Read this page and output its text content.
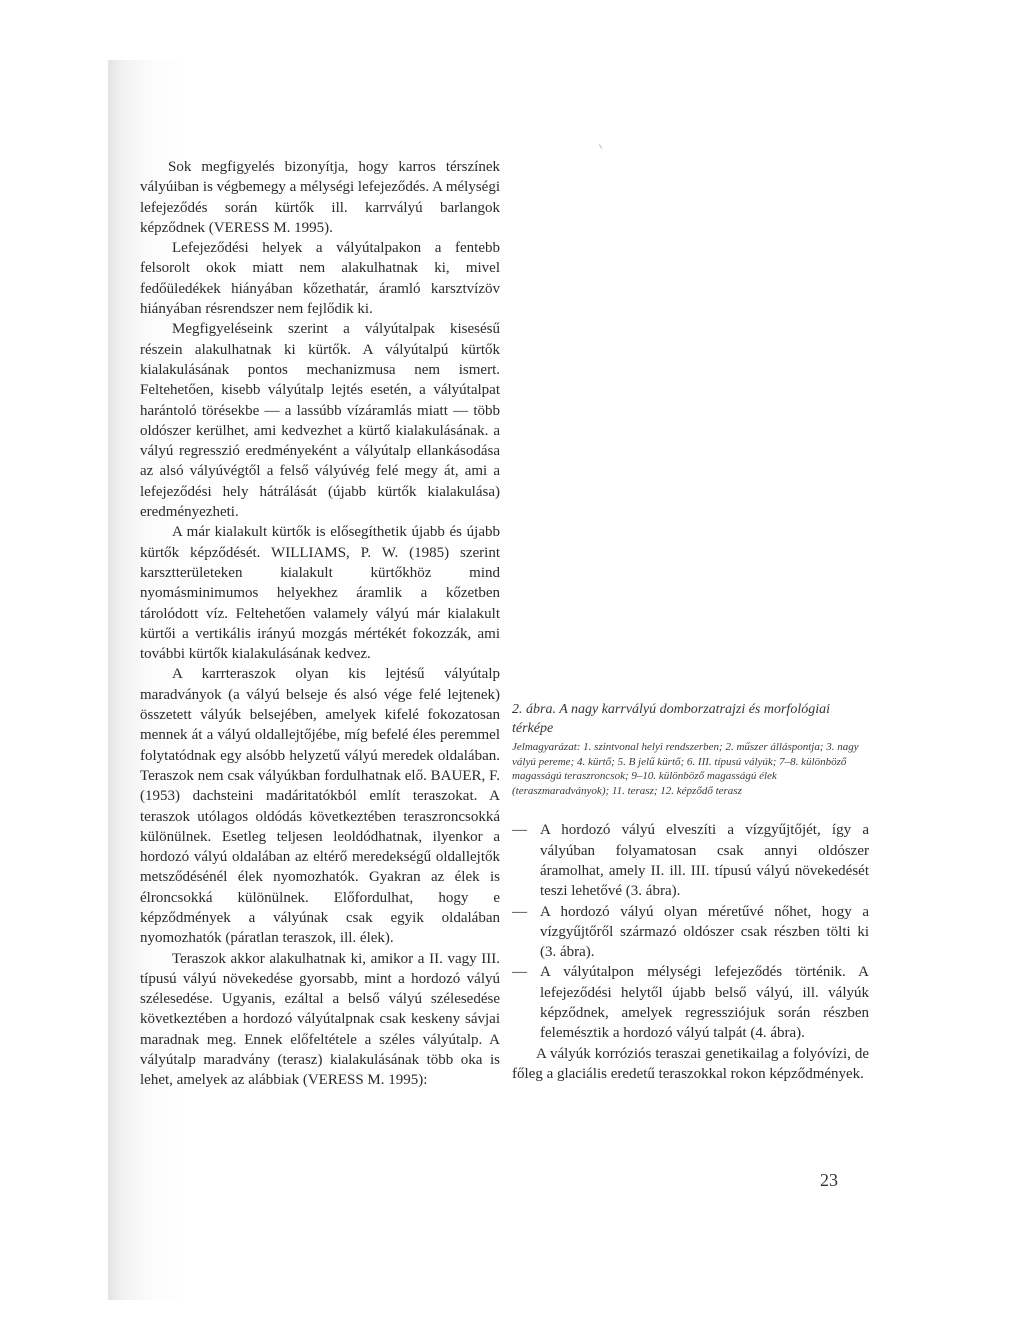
Sok megfigyelés bizonyítja, hogy karros térszínek vályúiban is végbemegy a mélységi lefejeződés. A mélységi lefejeződés során kürtők ill. karrvályú barlangok képződnek (VERESS M. 1995).

Lefejeződési helyek a vályútalpakon a fentebb felsorolt okok miatt nem alakulhatnak ki, mivel fedőüledékek hiányában kőzethatár, áramló karsztvízöv hiányában résrendszer nem fejlődik ki.

Megfigyeléseink szerint a vályútalpak kisesésű részein alakulhatnak ki kürtők. A vályútalpú kürtők kialakulásának pontos mechanizmusa nem ismert. Feltehetően, kisebb vályútalp lejtés esetén, a vályútalpat harántoló törésekbe — a lassúbb vízáramlás miatt — több oldószer kerülhet, ami kedvezhet a kürtő kialakulásának. a vályú regresszió eredményeként a vályútalp ellankásodása az alsó vályúvégtől a felső vályúvég felé megy át, ami a lefejeződési hely hátrálását (újabb kürtők kialakulása) eredményezheti.

A már kialakult kürtők is elősegíthetik újabb és újabb kürtők képződését. WILLIAMS, P. W. (1985) szerint karsztterületeken kialakult kürtőkhöz mind nyomásminimumos helyekhez áramlik a kőzetben tárolódott víz. Feltehetően valamely vályú már kialakult kürtői a vertikális irányú mozgás mértékét fokozzák, ami további kürtők kialakulásának kedvez.

A karrteraszok olyan kis lejtésű vályútalp maradványok (a vályú belseje és alsó vége felé lejtenek) összetett vályúk belsejében, amelyek kifelé fokozatosan mennek át a vályú oldallejtőjébe, míg befelé éles peremmel folytatódnak egy alsóbb helyzetű vályú meredek oldalában. Teraszok nem csak vályúkban fordulhatnak elő. BAUER, F. (1953) dachsteini madáritatókból említ teraszokat. A teraszok utólagos oldódás következtében teraszroncsokká különülnek. Esetleg teljesen leoldódhatnak, ilyenkor a hordozó vályú oldalában az eltérő meredekségű oldallejtők metsződésénél élek nyomozhatók. Gyakran az élek is élroncsokká különülnek. Előfordulhat, hogy e képződmények a vályúnak csak egyik oldalában nyomozhatók (páratlan teraszok, ill. élek).

Teraszok akkor alakulhatnak ki, amikor a II. vagy III. típusú vályú növekedése gyorsabb, mint a hordozó vályú szélesedése. Ugyanis, ezáltal a belső vályú szélesedése következtében a hordozó vályútalpnak csak keskeny sávjai maradnak meg. Ennek előfeltétele a széles vályútalp. A vályútalp maradvány (terasz) kialakulásának több oka is lehet, amelyek az alábbiak (VERESS M. 1995):

2. ábra. A nagy karrvályú domborzatrajzi és morfológiai térképe

Jelmagyarázat: 1. szintvonal helyi rendszerben; 2. műszer álláspontja; 3. nagy vályú pereme; 4. kürtő; 5. B jelű kürtő; 6. III. típusú vályúk; 7–8. különböző magasságú teraszroncsok; 9–10. különböző magasságú élek (teraszmaradványok); 11. terasz; 12. képződő terasz

— A hordozó vályú elveszíti a vízgyűjtőjét, így a vályúban folyamatosan csak annyi oldószer áramolhat, amely II. ill. III. típusú vályú növekedését teszi lehetővé (3. ábra).
— A hordozó vályú olyan méretűvé nőhet, hogy a vízgyűjtőről származó oldószer csak részben tölti ki (3. ábra).
— A vályútalpon mélységi lefejeződés történik. A lefejeződési helytől újabb belső vályú, ill. vályúk képződnek, amelyek regressziójuk során részben felemésztik a hordozó vályú talpát (4. ábra).

A vályúk korróziós teraszai genetikailag a folyóvízi, de főleg a glaciális eredetű teraszokkal rokon képződmények.

23
